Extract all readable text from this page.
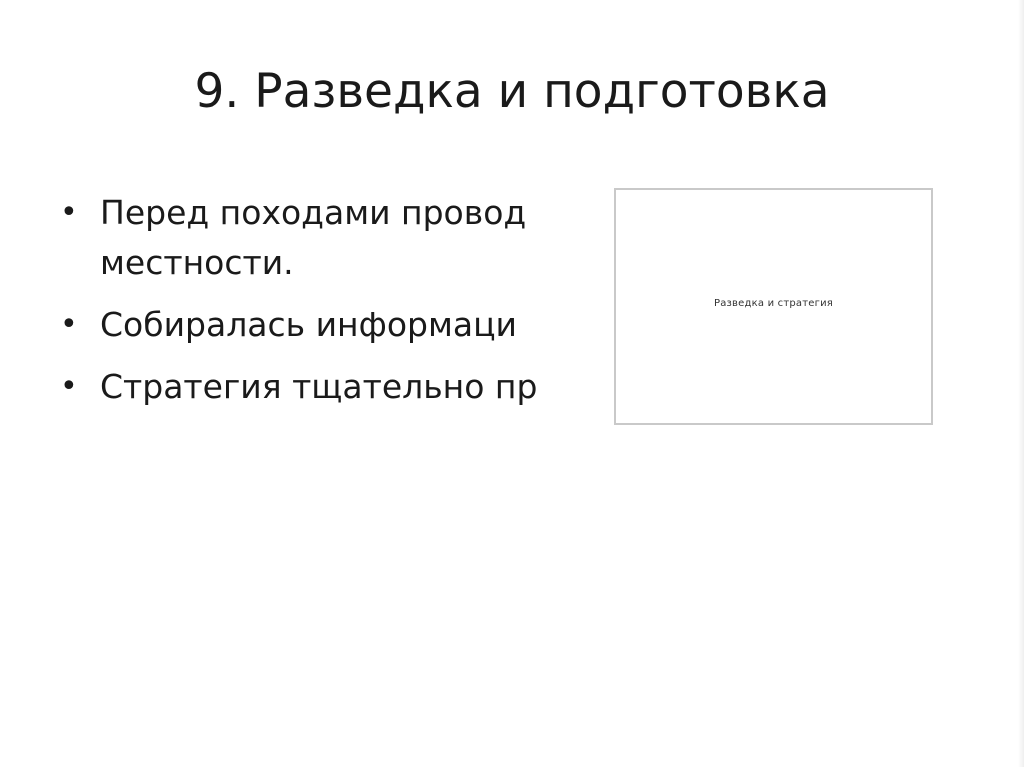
9. Разведка и подготовка
• Перед походами провод
местности.
• Собиралась информаци
• Стратегия тщательно пр
Разведка и стратегия
